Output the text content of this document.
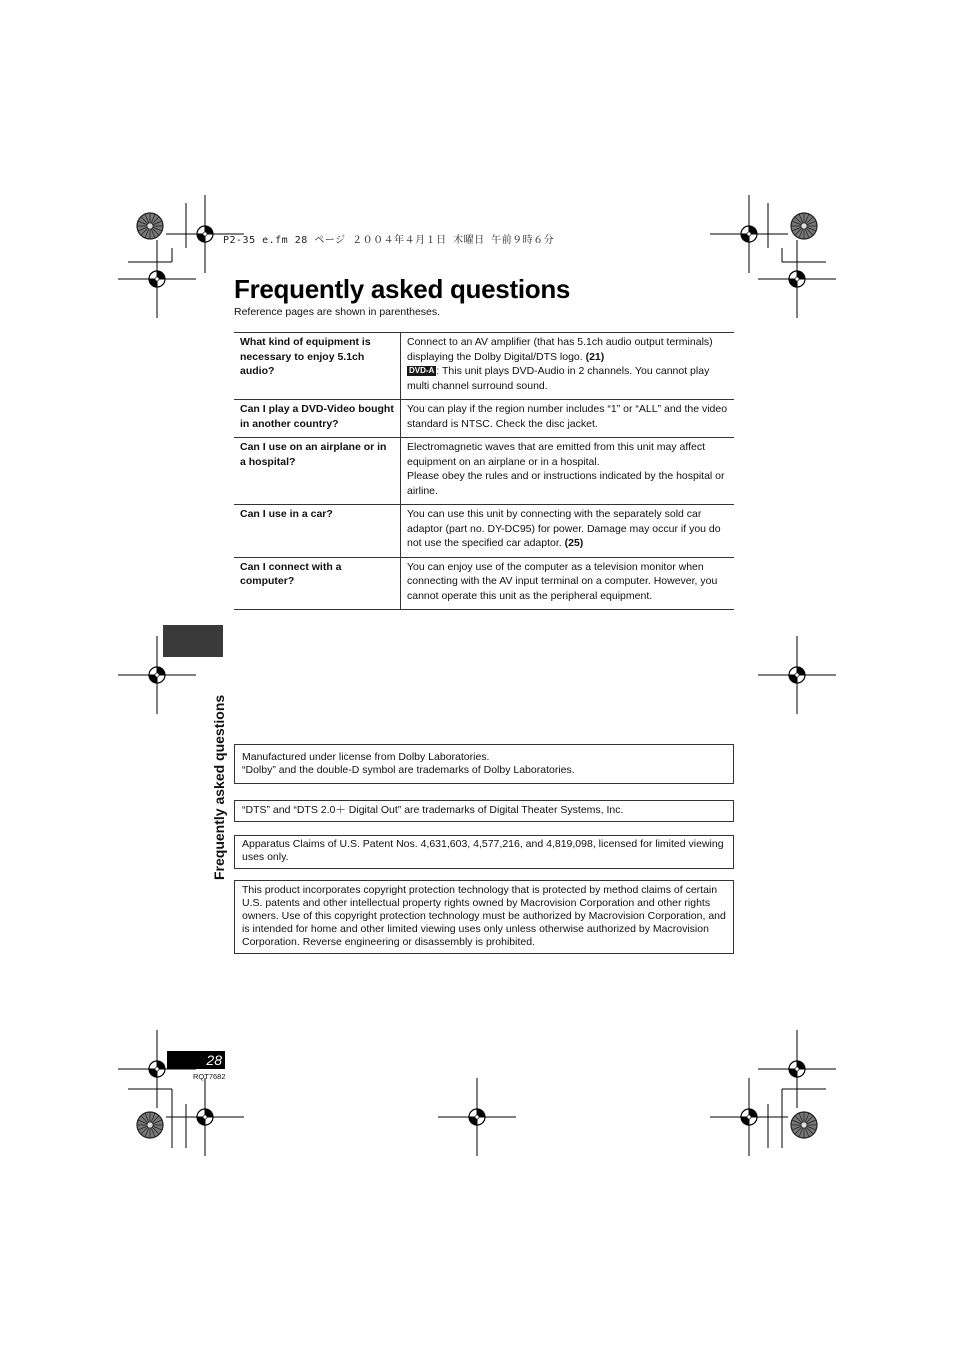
P2-35 e.fm 28 ページ ２００４年４月１日 木曜日 午前９時６分
Frequently asked questions
Reference pages are shown in parentheses.
What kind of equipment is necessary to enjoy 5.1ch audio?	Connect to an AV amplifier (that has 5.1ch audio output terminals) displaying the Dolby Digital/DTS logo. (21)
DVD-A : This unit plays DVD-Audio in 2 channels. You cannot play multi channel surround sound.
Can I play a DVD-Video bought in another country?	You can play if the region number includes “1” or “ALL” and the video standard is NTSC. Check the disc jacket.
Can I use on an airplane or in a hospital?	Electromagnetic waves that are emitted from this unit may affect equipment on an airplane or in a hospital.
Please obey the rules and or instructions indicated by the hospital or airline.
Can I use in a car?	You can use this unit by connecting with the separately sold car adaptor (part no. DY-DC95) for power. Damage may occur if you do not use the specified car adaptor. (25)
Can I connect with a computer?	You can enjoy use of the computer as a television monitor when connecting with the AV input terminal on a computer. However, you cannot operate this unit as the peripheral equipment.
Frequently asked questions Manufactured under license from Dolby Laboratories.
“Dolby” and the double-D symbol are trademarks of Dolby Laboratories.
“DTS” and “DTS 2.0＋ Digital Out” are trademarks of Digital Theater Systems, Inc.
Apparatus Claims of U.S. Patent Nos. 4,631,603, 4,577,216, and 4,819,098, licensed for limited viewing uses only.
This product incorporates copyright protection technology that is protected by method claims of certain U.S. patents and other intellectual property rights owned by Macrovision Corporation and other rights owners. Use of this copyright protection technology must be authorized by Macrovision Corporation, and is intended for home and other limited viewing uses only unless otherwise authorized by Macrovision Corporation. Reverse engineering or disassembly is prohibited.
28
RQT7682
